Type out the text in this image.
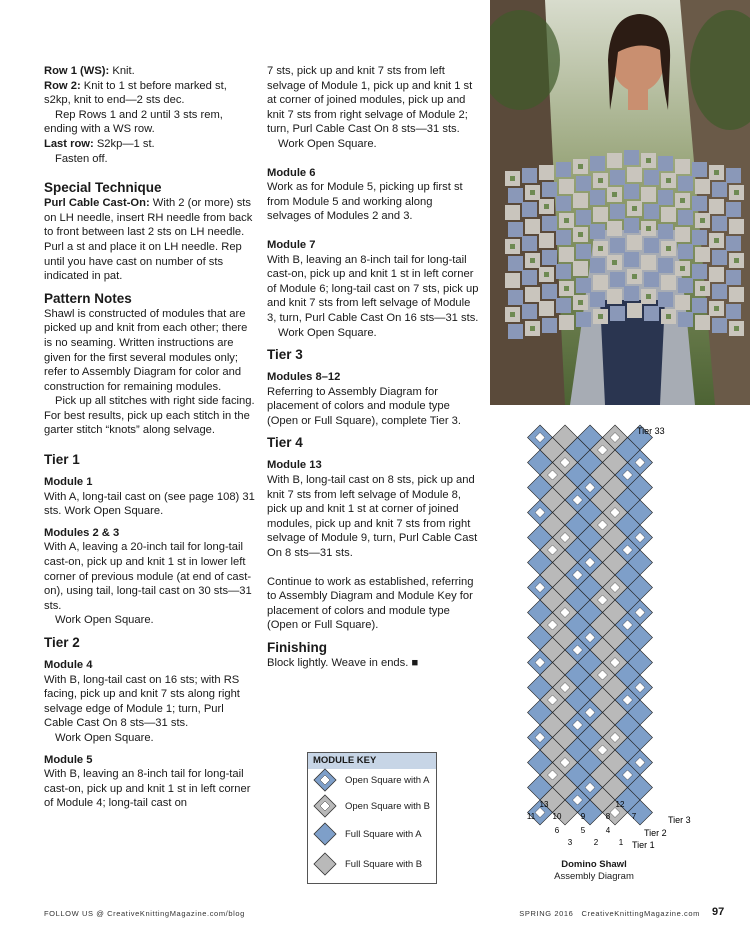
Row 1 (WS): Knit.

Row 2: Knit to 1 st before marked st, s2kp, knit to end—2 sts dec.

Rep Rows 1 and 2 until 3 sts rem, ending with a WS row.

Last row: S2kp—1 st.

Fasten off.

Special Technique

Purl Cable Cast-On: With 2 (or more) sts on LH needle, insert RH needle from back to front between last 2 sts on LH needle. Purl a st and place it on LH needle. Rep until you have cast on number of sts indicated in pat.

Pattern Notes

Shawl is constructed of modules that are picked up and knit from each other; there is no seaming. Written instructions are given for the first several modules only; refer to Assembly Diagram for color and construction for remaining modules.

Pick up all stitches with right side facing. For best results, pick up each stitch in the garter stitch “knots” along selvage.

Tier 1
Module 1

With A, long-tail cast on (see page 108) 31 sts. Work Open Square.

Modules 2 & 3

With A, leaving a 20-inch tail for long-tail cast-on, pick up and knit 1 st in lower left corner of previous module (at end of cast-on), using tail, long-tail cast on 30 sts—31 sts.

Work Open Square.

Tier 2
Module 4

With B, long-tail cast on 16 sts; with RS facing, pick up and knit 7 sts along right selvage edge of Module 1; turn, Purl Cable Cast On 8 sts—31 sts.

Work Open Square.

Module 5

With B, leaving an 8-inch tail for long-tail cast-on, pick up and knit 1 st in left corner of Module 4; long-tail cast on

7 sts, pick up and knit 7 sts from left selvage of Module 1, pick up and knit 1 st at corner of joined modules, pick up and knit 7 sts from right selvage of Module 2; turn, Purl Cable Cast On 8 sts—31 sts.

Work Open Square.

Module 6

Work as for Module 5, picking up first st from Module 5 and working along selvages of Modules 2 and 3.

Module 7

With B, leaving an 8-inch tail for long-tail cast-on, pick up and knit 1 st in left corner of Module 6; long-tail cast on 7 sts, pick up and knit 7 sts from left selvage of Module 3, turn, Purl Cable Cast On 16 sts—31 sts.

Work Open Square.

Tier 3
Modules 8–12

Referring to Assembly Diagram for placement of colors and module type (Open or Full Square), complete Tier 3.

Tier 4
Module 13

With B, long-tail cast on 8 sts, pick up and knit 7 sts from left selvage of Module 8, pick up and knit 1 st at corner of joined modules, pick up and knit 7 sts from right selvage of Module 9, turn, Purl Cable Cast On 8 sts—31 sts.

Continue to work as established, referring to Assembly Diagram and Module Key for placement of colors and module type (Open or Full Square).

Finishing

Block lightly. Weave in ends. ■

Tier 33
Tier 3
Tier 2
Tier 1
1
2
3
4
5
6
7
8
9
10
11
12
13
Domino Shawl
Assembly Diagram
MODULE KEY
Open Square with A
Open Square with B
Full Square with A
Full Square with B
FOLLOW US @ CreativeKnittingMagazine.com/blog	SPRING 2016 CreativeKnittingMagazine.com 97
